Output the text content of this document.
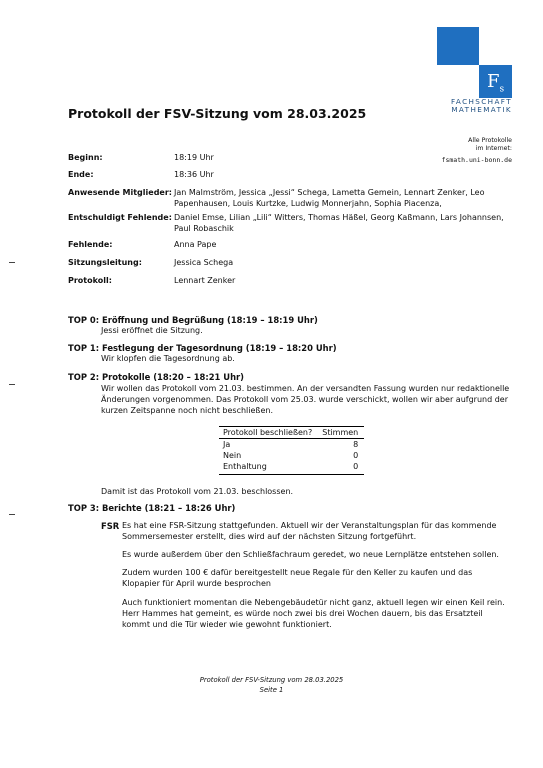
$F_s$
FACHSCHAFT
MATHEMATIK
Protokoll der FSV-Sitzung vom 28.03.2025
Alle Protokolle
im Internet:
fsmath.uni-bonn.de
Beginn:	18:19 Uhr
Ende:	18:36 Uhr
Anwesende Mitglieder: Jan Malmström, Jessica „Jessi“ Schega, Lametta Gemein, Lennart Zenker, Leo Papenhausen, Louis Kurtzke, Ludwig Monnerjahn, Sophia Piacenza,
Entschuldigt Fehlende: Daniel Emse, Lilian „Lili“ Witters, Thomas Häßel, Georg Kaßmann, Lars Johannsen, Paul Robaschik
Fehlende:	Anna Pape
Sitzungsleitung:	Jessica Schega
Protokoll:	Lennart Zenker
TOP 0: Eröffnung und Begrüßung (18:19 – 18:19 Uhr)
Jessi eröffnet die Sitzung.
TOP 1: Festlegung der Tagesordnung (18:19 – 18:20 Uhr)
Wir klopfen die Tagesordnung ab.
TOP 2: Protokolle (18:20 – 18:21 Uhr)
Wir wollen das Protokoll vom 21.03. bestimmen. An der versandten Fassung wurden nur redaktionelle Änderungen vorgenommen. Das Protokoll vom 25.03. wurde verschickt, wollen wir aber aufgrund der kurzen Zeitspanne noch nicht beschließen.
Protokoll beschließen?	Stimmen
Ja	8
Nein	0
Enthaltung	0
Damit ist das Protokoll vom 21.03. beschlossen.
TOP 3: Berichte (18:21 – 18:26 Uhr)
FSR Es hat eine FSR-Sitzung stattgefunden. Aktuell wir der Veranstaltungsplan für das kommende Sommersemester erstellt, dies wird auf der nächsten Sitzung fortgeführt.
Es wurde außerdem über den Schließfachraum geredet, wo neue Lernplätze entstehen sollen.
Zudem wurden 100 € dafür bereitgestellt neue Regale für den Keller zu kaufen und das Klopapier für April wurde besprochen
Auch funktioniert momentan die Nebengebäudetür nicht ganz, aktuell legen wir einen Keil rein. Herr Hammes hat gemeint, es würde noch zwei bis drei Wochen dauern, bis das Ersatzteil kommt und die Tür wieder wie gewohnt funktioniert.
Protokoll der FSV-Sitzung vom 28.03.2025
Seite 1
